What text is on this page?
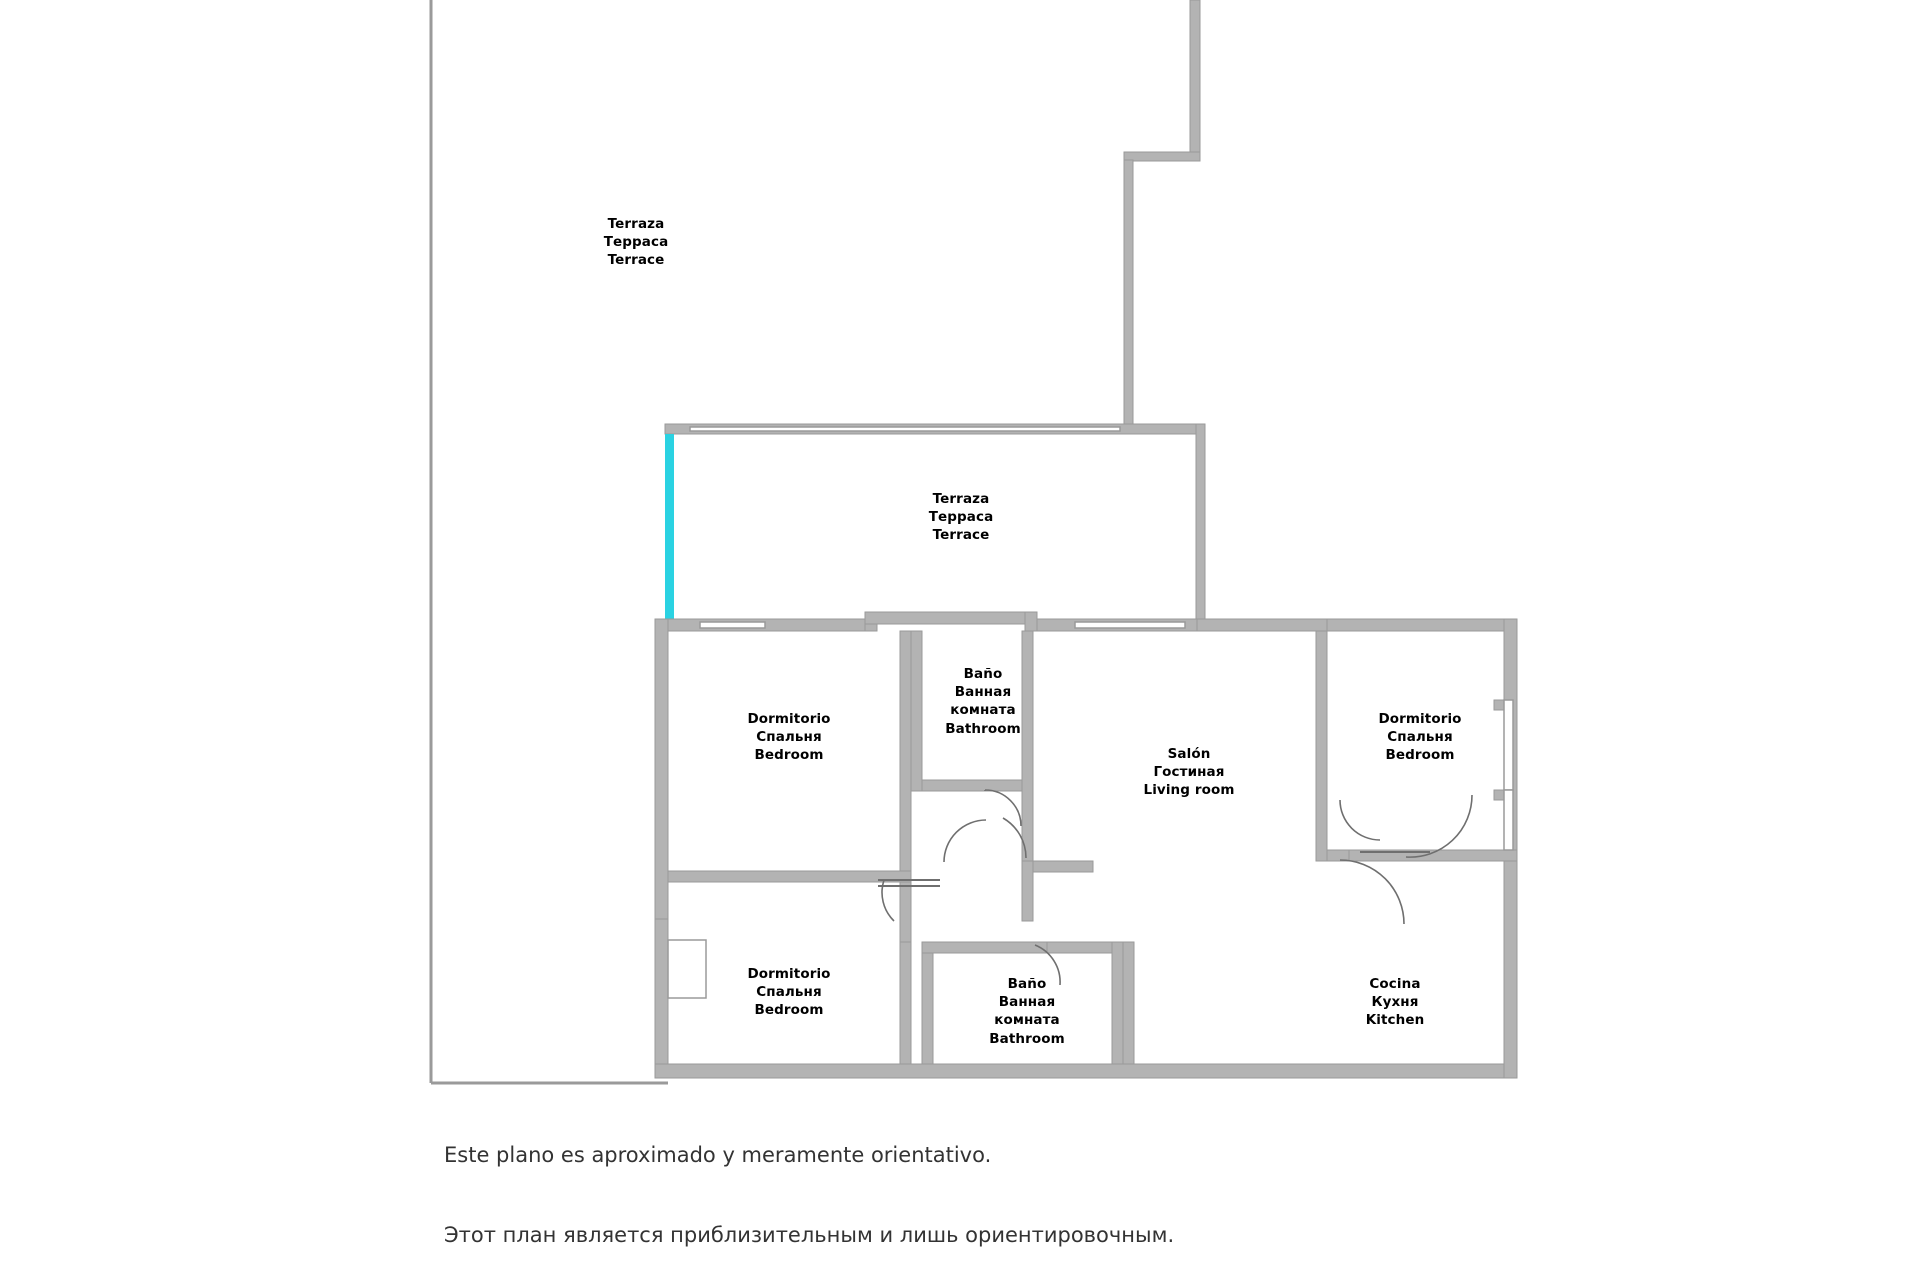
Terraza
Терраса
Terrace
Terraza
Терраса
Terrace
Dormitorio
Спальня
Bedroom
Baño
Ванная
комната
Bathroom
Salón
Гостиная
Living room
Dormitorio
Спальня
Bedroom
Dormitorio
Спальня
Bedroom
Baño
Ванная
комната
Bathroom
Cocina
Кухня
Kitchen
Este plano es aproximado y meramente orientativo.
Этот план является приблизительным и лишь ориентировочным.
